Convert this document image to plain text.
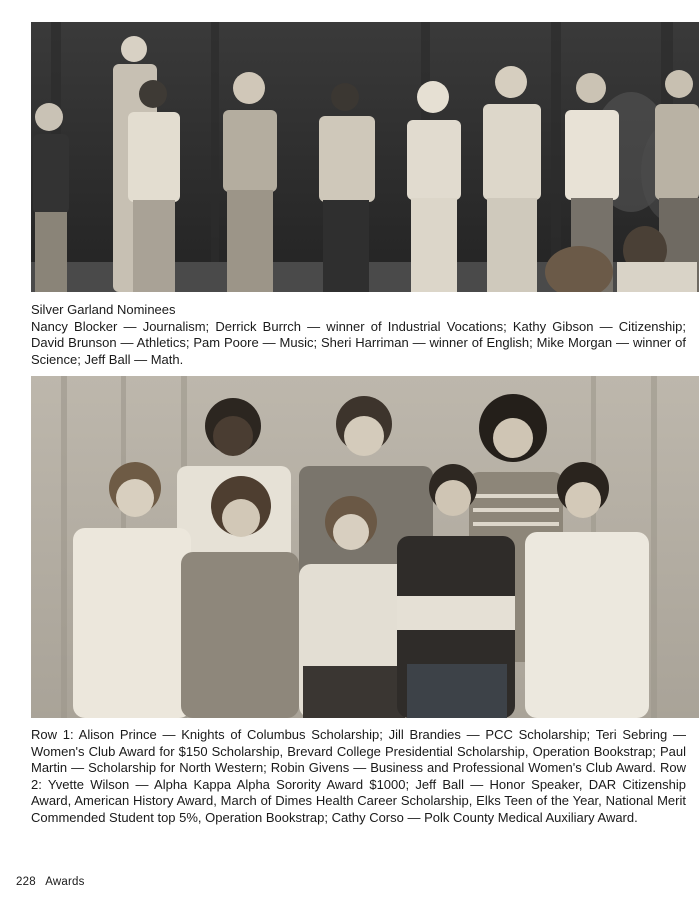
Silver Garland Nominees
Nancy Blocker — Journalism; Derrick Burrch — winner of Industrial Vocations; Kathy Gibson — Citizenship; David Brunson — Athletics; Pam Poore — Music; Sheri Harriman — winner of English; Mike Morgan — winner of Science; Jeff Ball — Math.
Row 1: Alison Prince — Knights of Columbus Scholarship; Jill Brandies — PCC Scholarship; Teri Sebring — Women's Club Award for $150 Scholarship, Brevard College Presidential Scholarship, Operation Bookstrap; Paul Martin — Scholarship for North Western; Robin Givens — Business and Professional Women's Club Award. Row 2: Yvette Wilson — Alpha Kappa Alpha Sorority Award $1000; Jeff Ball — Honor Speaker, DAR Citizenship Award, American History Award, March of Dimes Health Career Scholarship, Elks Teen of the Year, National Merit Commended Student top 5%, Operation Bookstrap; Cathy Corso — Polk County Medical Auxiliary Award.
228 Awards
